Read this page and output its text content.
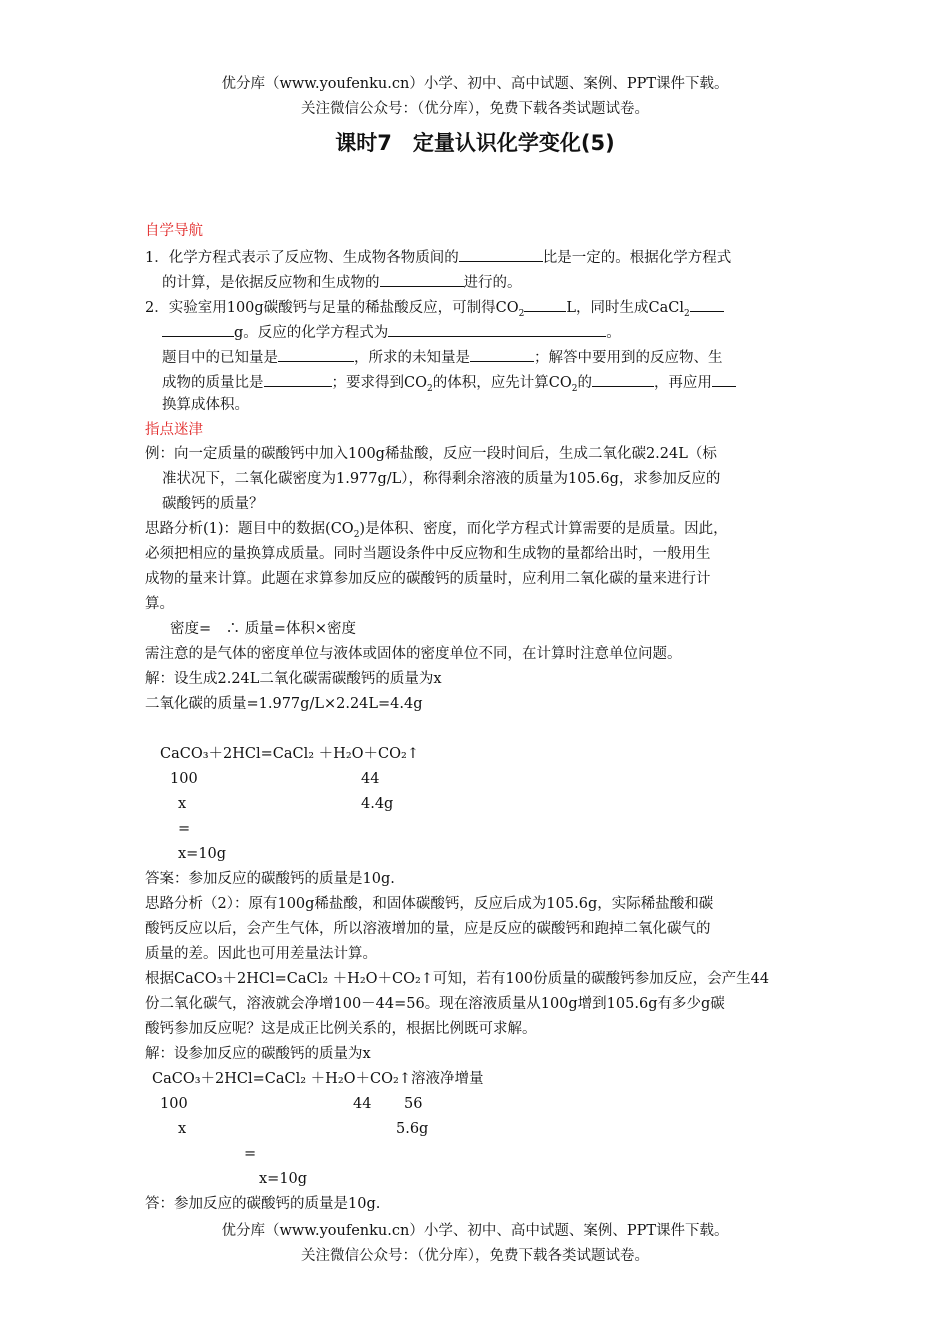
优分库（www.youfenku.cn）小学、初中、高中试题、案例、PPT课件下载。
关注微信公众号：（优分库），免费下载各类试题试卷。
课时7　定量认识化学变化(5)
自学导航
1．化学方程式表示了反应物、生成物各物质间的	比是一定的。根据化学方程式
的计算，是依据反应物和生成物的	进行的。
2．实验室用100g碳酸钙与足量的稀盐酸反应，可制得$CO_2$	L，同时生成CaCl$_2$
g。反应的化学方程式为	。
题目中的已知量是	，所求的未知量是	；解答中要用到的反应物、生
成物的质量比是	；要求得到$CO_2$的体积，应先计算$CO_2$的	，再应用
换算成体积。
指点迷津
例：向一定质量的碳酸钙中加入100g稀盐酸，反应一段时间后，生成二氧化碳2.24L（标
准状况下，二氧化碳密度为1.977g/L），称得剩余溶液的质量为105.6g，求参加反应的
碳酸钙的质量？
思路分析(1)：题目中的数据$(CO_2)$是体积、密度，而化学方程式计算需要的是质量。因此，
必须把相应的量换算成质量。同时当题设条件中反应物和生成物的量都给出时，一般用生
成物的量来计算。此题在求算参加反应的碳酸钙的质量时，应利用二氧化碳的量来进行计
算。
密度=　∴ 质量=体积×密度
需注意的是气体的密度单位与液体或固体的密度单位不同，在计算时注意单位问题。
解：设生成2.24L二氧化碳需碳酸钙的质量为x
二氧化碳的质量=1.977g/L×2.24L=4.4g
CaCO₃＋2HCl=CaCl₂ ＋H₂O＋CO₂↑
100	44
x	4.4g
=
x=10g
答案：参加反应的碳酸钙的质量是10g.
思路分析（2）：原有100g稀盐酸，和固体碳酸钙，反应后成为105.6g，实际稀盐酸和碳
酸钙反应以后，会产生气体，所以溶液增加的量，应是反应的碳酸钙和跑掉二氧化碳气的
质量的差。因此也可用差量法计算。
根据CaCO₃＋2HCl=CaCl₂ ＋H₂O＋CO₂↑可知，若有100份质量的碳酸钙参加反应，会产生44
份二氧化碳气，溶液就会净增100－44=56。现在溶液质量从100g增到105.6g有多少g碳
酸钙参加反应呢？这是成正比例关系的，根据比例既可求解。
解：设参加反应的碳酸钙的质量为x
CaCO₃＋2HCl=CaCl₂ ＋H₂O＋CO₂↑溶液净增量
100	44 56
x	5.6g
=
x=10g
答：参加反应的碳酸钙的质量是10g.
优分库（www.youfenku.cn）小学、初中、高中试题、案例、PPT课件下载。
关注微信公众号：（优分库），免费下载各类试题试卷。
